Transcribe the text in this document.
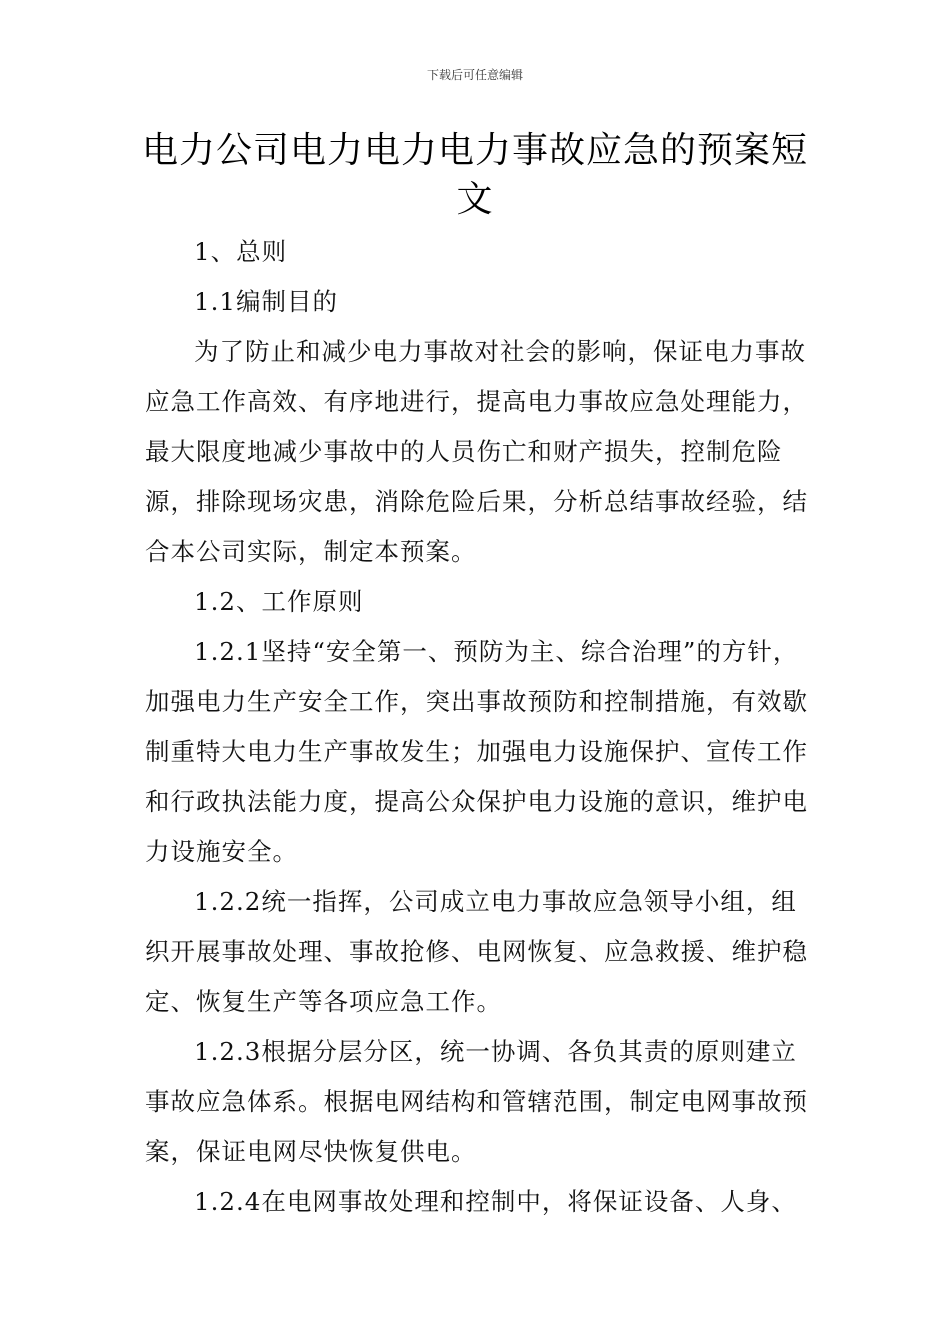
下载后可任意编辑
电力公司电力电力电力事故应急的预案短文

1、总则

1.1编制目的

为了防止和减少电力事故对社会的影响，保证电力事故应急工作高效、有序地进行，提高电力事故应急处理能力，最大限度地减少事故中的人员伤亡和财产损失，控制危险源，排除现场灾患，消除危险后果，分析总结事故经验，结合本公司实际，制定本预案。

1.2、工作原则

1.2.1坚持“安全第一、预防为主、综合治理”的方针，加强电力生产安全工作，突出事故预防和控制措施，有效歇制重特大电力生产事故发生；加强电力设施保护、宣传工作和行政执法能力度，提高公众保护电力设施的意识，维护电力设施安全。

1.2.2统一指挥，公司成立电力事故应急领导小组，组织开展事故处理、事故抢修、电网恢复、应急救援、维护稳定、恢复生产等各项应急工作。

1.2.3根据分层分区，统一协调、各负其责的原则建立事故应急体系。根据电网结构和管辖范围，制定电网事故预案，保证电网尽快恢复供电。

1.2.4在电网事故处理和控制中，将保证设备、人身、
